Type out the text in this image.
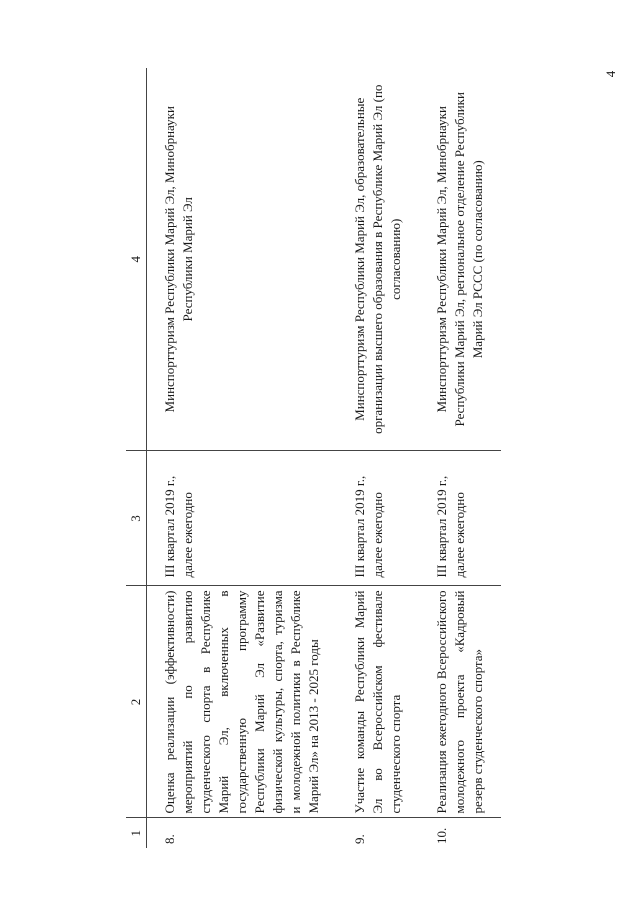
4
1	2	3	4
8.	Оценка реализации (эффективности) мероприятий по развитию студенческого спорта в Республике Марий Эл, включенных в государственную программу Республики Марий Эл «Развитие физической культуры, спорта, туризма и молодежной политики в Республике Марий Эл» на 2013 - 2025 годы	III квартал 2019 г., далее ежегодно	Минспорттуризм Республики Марий Эл, Минобрнауки Республики Марий Эл
9.	Участие команды Республики Марий Эл во Всероссийском фестивале студенческого спорта	III квартал 2019 г., далее ежегодно	Минспорттуризм Республики Марий Эл, образовательные организации высшего образования в Республике Марий Эл (по согласованию)
10.	Реализация ежегодного Всероссийского молодежного проекта «Кадровый резерв студенческого спорта»	III квартал 2019 г., далее ежегодно	Минспорттуризм Республики Марий Эл, Минобрнауки Республики Марий Эл, региональное отделение Республики Марий Эл РССС (по согласованию)
